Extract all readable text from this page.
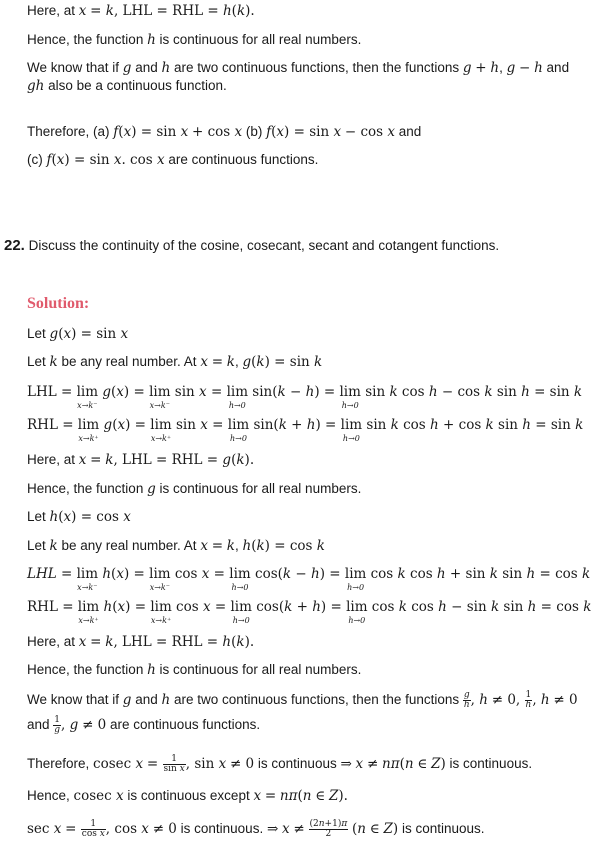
Here, at x = k, LHL = RHL = h(k).
Hence, the function h is continuous for all real numbers.
We know that if g and h are two continuous functions, then the functions g + h, g − h and
gh also be a continuous function.
Therefore, (a) f(x) = sin x + cos x (b) f(x) = sin x − cos x and
(c) f(x) = sin x. cos x are continuous functions.
22. Discuss the continuity of the cosine, cosecant, secant and cotangent functions.
Solution:
Let g(x) = sin x
Let k be any real number. At x = k, g(k) = sin k
LHL = lim
x→k⁻
g(x) = lim
x→k⁻
sin x = lim
h→0
sin(k − h) = lim
h→0
sin k cos h − cos k sin h = sin k
RHL = lim
x→k⁺
g(x) = lim
x→k⁺
sin x = lim
h→0
sin(k + h) = lim
h→0
sin k cos h + cos k sin h = sin k
Here, at x = k, LHL = RHL = g(k).
Hence, the function g is continuous for all real numbers.
Let h(x) = cos x
Let k be any real number. At x = k, h(k) = cos k
LHL = lim
x→k⁻
h(x) = lim
x→k⁻
cos x = lim
h→0
cos(k − h) = lim
h→0
cos k cos h + sin k sin h = cos k
RHL = lim
x→k⁺
h(x) = lim
x→k⁺
cos x = lim
h→0
cos(k + h) = lim
h→0
cos k cos h − sin k sin h = cos k
Here, at x = k, LHL = RHL = h(k).
Hence, the function h is continuous for all real numbers.
We know that if g and h are two continuous functions, then the functions $\frac{g}{h}$ , h ≠ 0, $\frac{1}{h}$ , h ≠ 0
and $\frac{1}{g}$ , g ≠ 0 are continuous functions.
Therefore, cosec $x = \frac{1}{\text{sin x}}$ , sin x ≠ 0 is continuous ⇒ x ≠ nπ(n ∈ Z) is continuous.
Hence, cosec x is continuous except x = nπ(n ∈ Z).
$\sec x = \frac{1}{\text{cos x}}$ , cos x ≠ 0 is continuous. ⇒ $x \ne \frac{(2n+1)\pi}{2} (n$ ∈ Z) is continuous.
